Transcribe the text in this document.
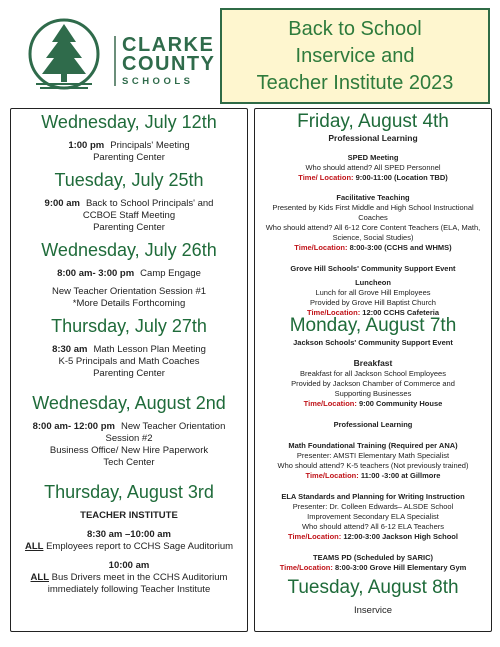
CLARKE
COUNTY
SCHOOLS
Back to School
Inservice and
Teacher Institute 2023
Wednesday, July 12th
1:00 pm Principals' Meeting
Parenting Center
Tuesday, July 25th
9:00 am Back to School Principals' and
CCBOE Staff Meeting
Parenting Center
Wednesday, July 26th
8:00 am- 3:00 pm Camp Engage
New Teacher Orientation Session #1
*More Details Forthcoming
Thursday, July 27th
8:30 am Math Lesson Plan Meeting
K-5 Principals and Math Coaches
Parenting Center
Wednesday, August 2nd
8:00 am- 12:00 pm New Teacher Orientation
Session #2
Business Office/ New Hire Paperwork
Tech Center
Thursday, August 3rd
TEACHER INSTITUTE
8:30 am –10:00 am
ALL Employees report to CCHS Sage Auditorium
10:00 am
ALL Bus Drivers meet in the CCHS Auditorium
immediately following Teacher Institute
Friday, August 4th
Professional Learning
SPED Meeting
Who should attend? All SPED Personnel
Time/ Location: 9:00-11:00 (Location TBD)
Facilitative Teaching
Presented by Kids First Middle and High School Instructional
Coaches
Who should attend? All 6-12 Core Content Teachers (ELA, Math,
Science, Social Studies)
Time/Location: 8:00-3:00 (CCHS and WHMS)
Grove Hill Schools' Community Support Event
Luncheon
Lunch for all Grove Hill Employees
Provided by Grove Hill Baptist Church
Time/Location: 12:00 CCHS Cafeteria
Monday, August 7th
Jackson Schools' Community Support Event
Breakfast
Breakfast for all Jackson School Employees
Provided by Jackson Chamber of Commerce and
Supporting Businesses
Time/Location: 9:00 Community House
Professional Learning
Math Foundational Training (Required per ANA)
Presenter: AMSTI Elementary Math Specialist
Who should attend? K-5 teachers (Not previously trained)
Time/Location: 11:00 -3:00 at Gillmore
ELA Standards and Planning for Writing Instruction
Presenter: Dr. Colleen Edwards– ALSDE School
Improvement Secondary ELA Specialist
Who should attend? All 6-12 ELA Teachers
Time/Location: 12:00-3:00 Jackson High School
TEAMS PD (Scheduled by SARIC)
Time/Location: 8:00-3:00 Grove Hill Elementary Gym
Tuesday, August 8th
Inservice
